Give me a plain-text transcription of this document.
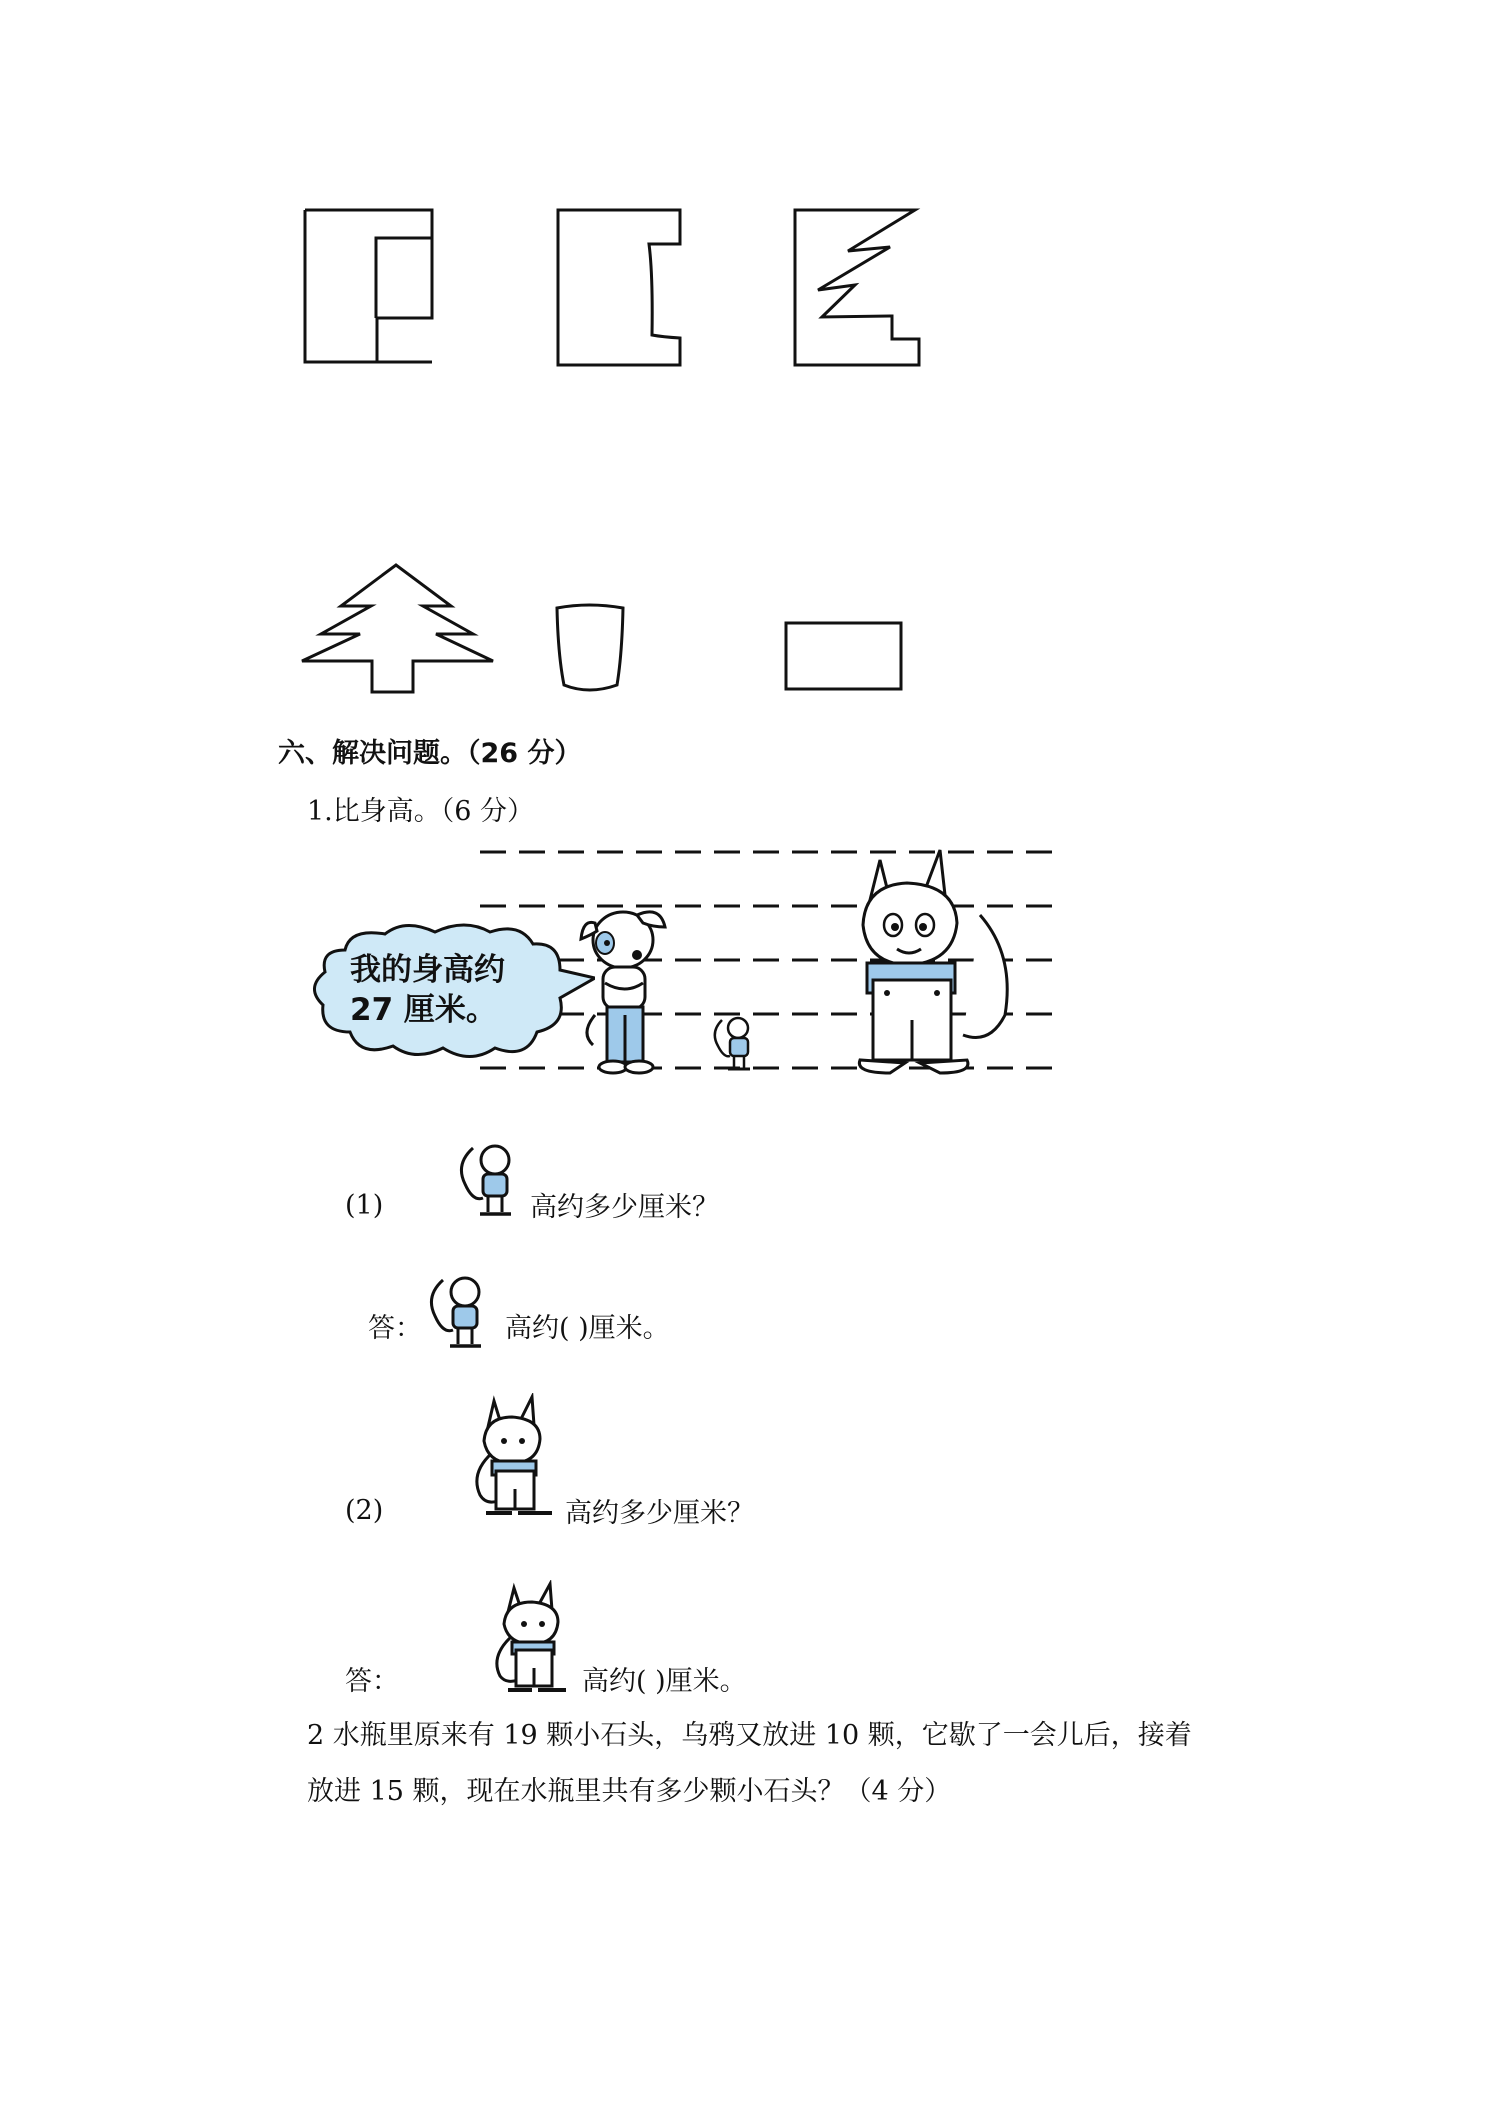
六、解决问题。（26 分）
1.比身高。（6 分）
我的身高约
27 厘米。
(1)	高约多少厘米？
答：	高约( )厘米。
(2)	高约多少厘米？
答：	高约( )厘米。
2 水瓶里原来有 19 颗小石头，乌鸦又放进 10 颗，它歇了一会儿后，接着
放进 15 颗，现在水瓶里共有多少颗小石头？（4 分）
